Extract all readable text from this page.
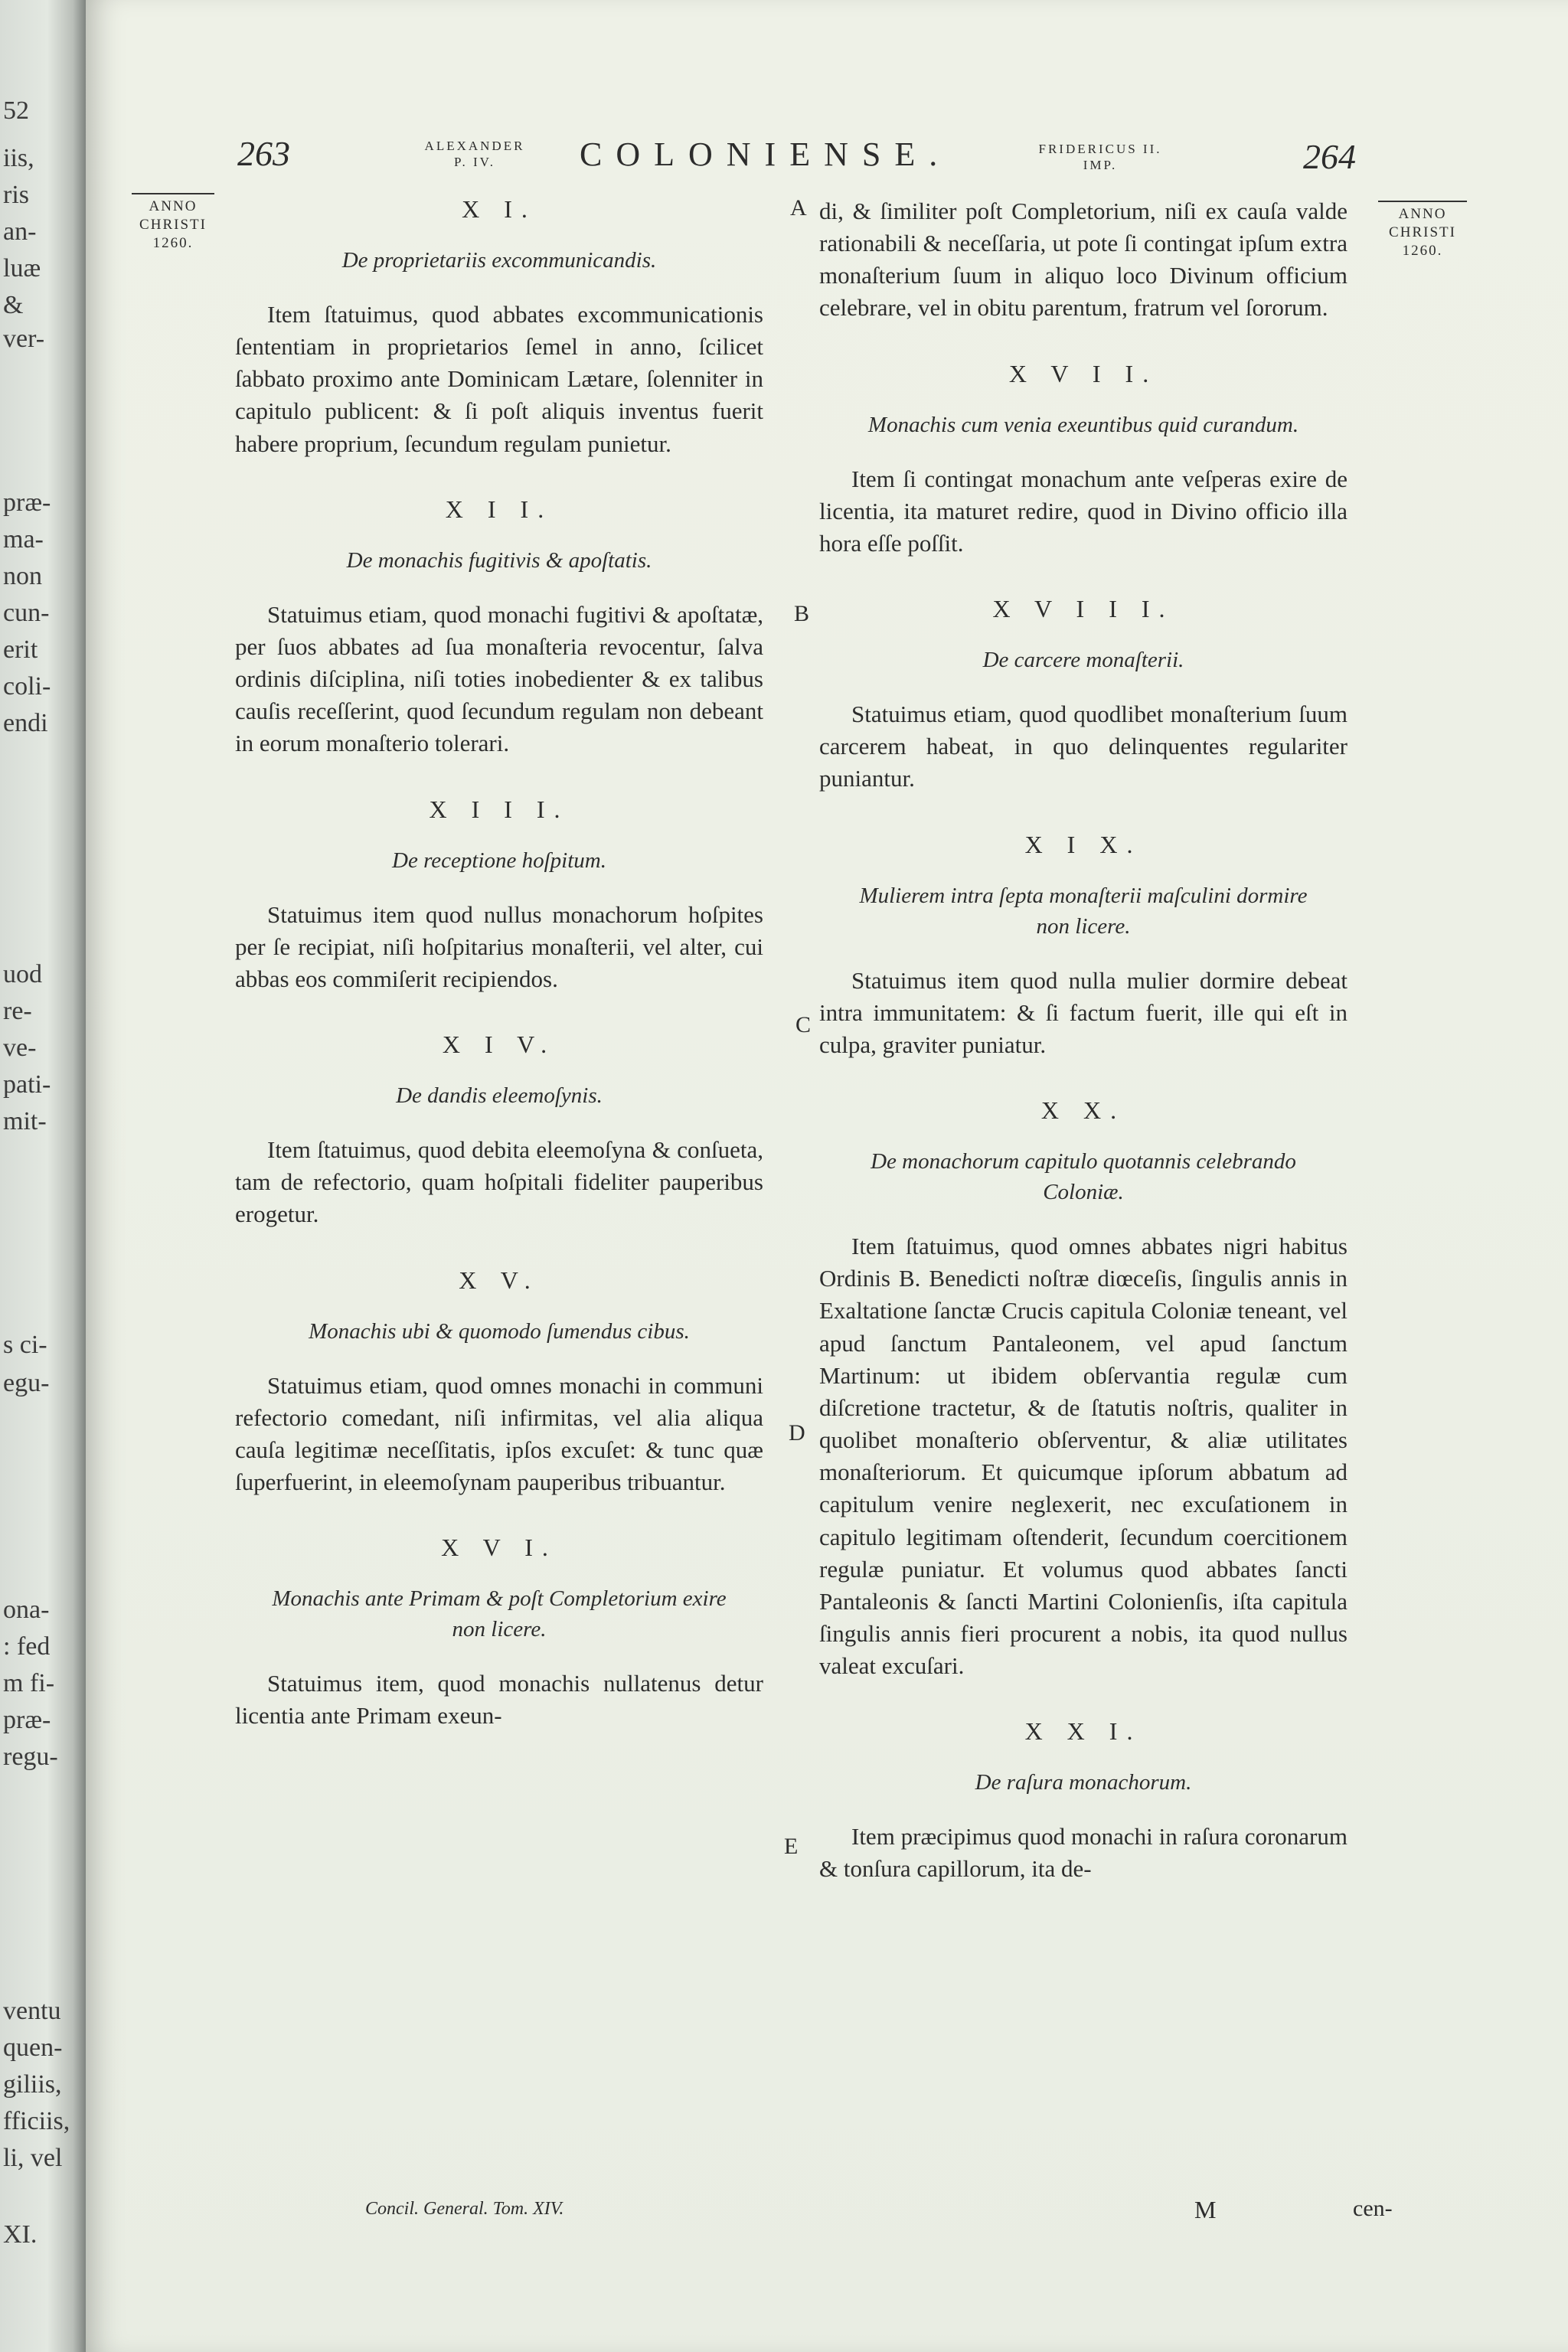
52
iis,
ris
an-
luæ
&
ver-
præ-
ma-
non
cun-
erit
coli-
endi
uod
re-
ve-
pati-
mit-
s ci-
egu-
ona-
: fed
m fi-
præ-
regu-
ventu
quen-
giliis,
fficiis,
li, vel
XI.
263	ALEXANDER
P. IV.	COLONIENSE.	FRIDERICUS II.
IMP.	264
ANNO
CHRISTI
1260.
ANNO
CHRISTI
1260.
A
B
C
D
E
X I.
De proprietariis excommunicandis.

Item ſtatuimus, quod abbates excommunicationis ſententiam in proprietarios ſemel in anno, ſcilicet ſabbato proximo ante Dominicam Lætare, ſolenniter in capitulo publicent: & ſi poſt aliquis inventus fuerit habere proprium, ſecundum regulam punietur.

X I I.
De monachis fugitivis & apoſtatis.

Statuimus etiam, quod monachi fugitivi & apoſtatæ, per ſuos abbates ad ſua monaſteria revocentur, ſalva ordinis diſciplina, niſi toties inobedienter & ex talibus cauſis receſſerint, quod ſecundum regulam non debeant in eorum monaſterio tolerari.

X I I I.
De receptione hoſpitum.

Statuimus item quod nullus monachorum hoſpites per ſe recipiat, niſi hoſpitarius monaſterii, vel alter, cui abbas eos commiſerit recipiendos.

X I V.
De dandis eleemoſynis.

Item ſtatuimus, quod debita eleemoſyna & conſueta, tam de refectorio, quam hoſpitali fideliter pauperibus erogetur.

X V.
Monachis ubi & quomodo ſumendus cibus.

Statuimus etiam, quod omnes monachi in communi refectorio comedant, niſi infirmitas, vel alia aliqua cauſa legitimæ neceſſitatis, ipſos excuſet: & tunc quæ ſuperfuerint, in eleemoſynam pauperibus tribuantur.

X V I.
Monachis ante Primam & poſt Completorium exire non licere.

Statuimus item, quod monachis nullatenus detur licentia ante Primam exeun-

di, & ſimiliter poſt Completorium, niſi ex cauſa valde rationabili & neceſſaria, ut pote ſi contingat ipſum extra monaſterium ſuum in aliquo loco Divinum officium celebrare, vel in obitu parentum, fratrum vel ſororum.

X V I I.
Monachis cum venia exeuntibus quid curandum.

Item ſi contingat monachum ante veſperas exire de licentia, ita maturet redire, quod in Divino officio illa hora eſſe poſſit.

X V I I I.
De carcere monaſterii.

Statuimus etiam, quod quodlibet monaſterium ſuum carcerem habeat, in quo delinquentes regulariter puniantur.

X I X.
Mulierem intra ſepta monaſterii maſculini dormire non licere.

Statuimus item quod nulla mulier dormire debeat intra immunitatem: & ſi factum fuerit, ille qui eſt in culpa, graviter puniatur.

X X.
De monachorum capitulo quotannis celebrando Coloniæ.

Item ſtatuimus, quod omnes abbates nigri habitus Ordinis B. Benedicti noſtræ diœceſis, ſingulis annis in Exaltatione ſanctæ Crucis capitula Coloniæ teneant, vel apud ſanctum Pantaleonem, vel apud ſanctum Martinum: ut ibidem obſervantia regulæ cum diſcretione tractetur, & de ſtatutis noſtris, qualiter in quolibet monaſterio obſerventur, & aliæ utilitates monaſteriorum. Et quicumque ipſorum abbatum ad capitulum venire neglexerit, nec excuſationem in capitulo legitimam oſtenderit, ſecundum coercitionem regulæ puniatur. Et volumus quod abbates ſancti Pantaleonis & ſancti Martini Colonienſis, iſta capitula ſingulis annis fieri procurent a nobis, ita quod nullus valeat excuſari.

X X I.
De raſura monachorum.

Item præcipimus quod monachi in raſura coronarum & tonſura capillorum, ita de-

Concil. General. Tom. XIV.	M	cen-
